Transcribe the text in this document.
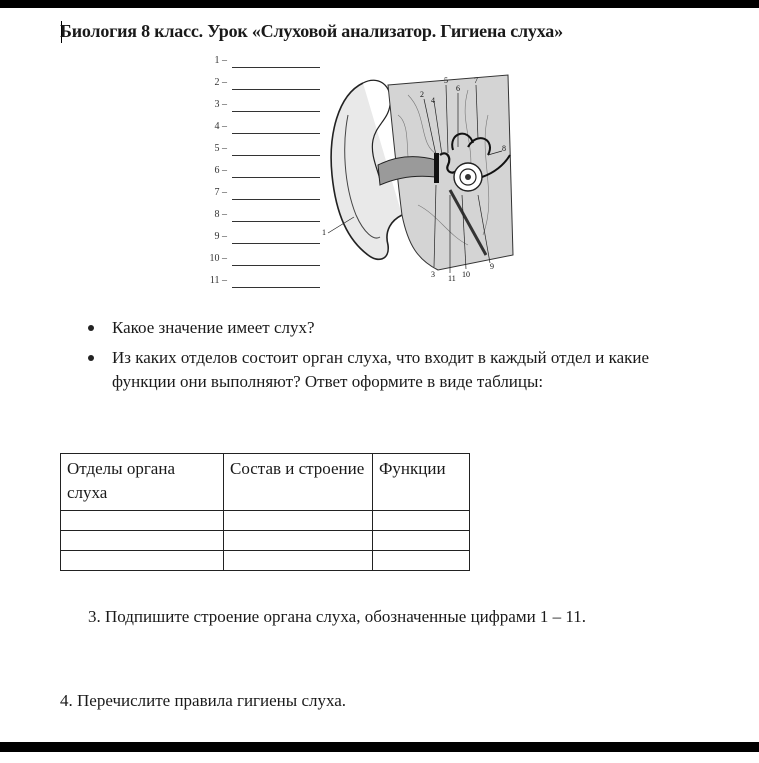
Биология 8 класс. Урок «Слуховой анализатор. Гигиена слуха»
1 –
2 –
3 –
4 –
5 –
6 –
7 –
8 –
9 –
10 –
11 –
1
2
3
4
5
6
7
8
9
10
11
Какое значение имеет слух?
Из каких отделов состоит орган слуха, что входит в каждый отдел и какие функции они выполняют? Ответ оформите в виде таблицы:
Отделы органа слуха	Состав и строение	Функции

3. Подпишите строение органа слуха, обозначенные цифрами 1 – 11.
4. Перечислите правила гигиены слуха.
